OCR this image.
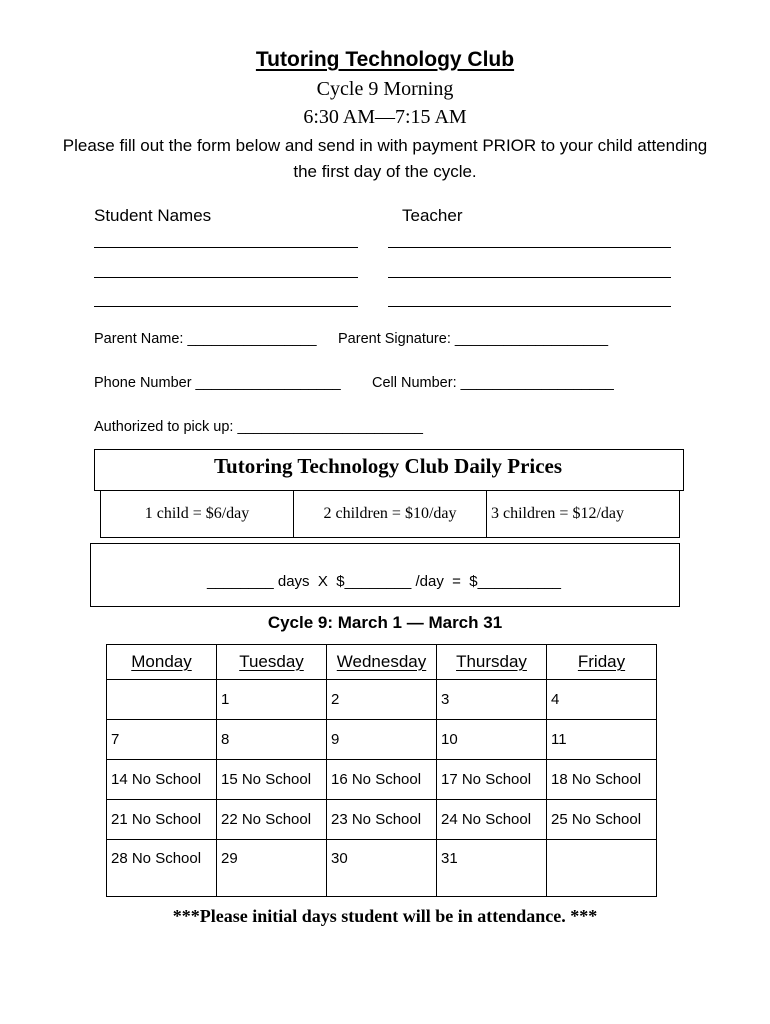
Tutoring Technology Club
Cycle 9 Morning
6:30 AM—7:15 AM
Please fill out the form below and send in with payment PRIOR to your child attending the first day of the cycle.
Student Names	Teacher
Parent Name: ________________ Parent Signature: ___________________
Phone Number __________________ Cell Number: ___________________
Authorized to pick up: _______________________
Tutoring Technology Club Daily Prices
1 child = $6/day	2 children = $10/day	3 children = $12/day
________ days  X  $________ /day  =  $__________
Cycle 9: March 1 — March 31
Monday	Tuesday	Wednesday	Thursday	Friday
	1	2	3	4
7	8	9	10	11
14 No School	15 No School	16 No School	17 No School	18 No School
21 No School	22 No School	23 No School	24 No School	25 No School
28 No School	29	30	31	
***Please initial days student will be in attendance. ***
